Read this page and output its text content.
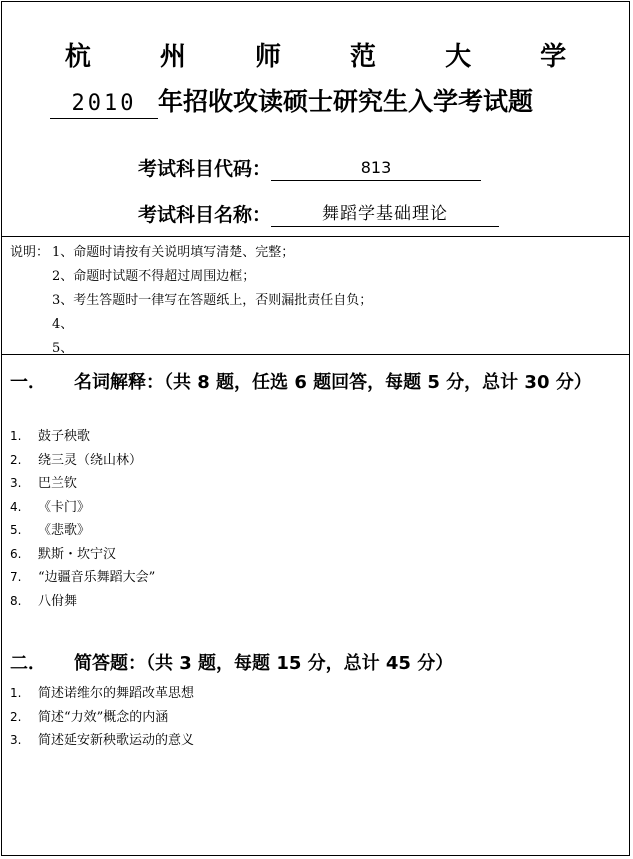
杭 州 师 范 大 学
2010 年招收攻读硕士研究生入学考试题
考试科目代码：	813
考试科目名称：	舞蹈学基础理论
说明： 1、命题时请按有关说明填写清楚、完整；
2、命题时试题不得超过周围边框；
3、考生答题时一律写在答题纸上，否则漏批责任自负；
4、
5、
一． 名词解释：（共 8 题，任选 6 题回答，每题 5 分，总计 30 分）
1. 鼓子秧歌
2. 绕三灵（绕山林）
3. 巴兰钦
4. 《卡门》
5. 《悲歌》
6. 默斯・坎宁汉
7. “边疆音乐舞蹈大会”
8. 八佾舞
二． 简答题：（共 3 题，每题 15 分，总计 45 分）
1. 简述诺维尔的舞蹈改革思想
2. 简述“力效”概念的内涵
3. 简述延安新秧歌运动的意义
